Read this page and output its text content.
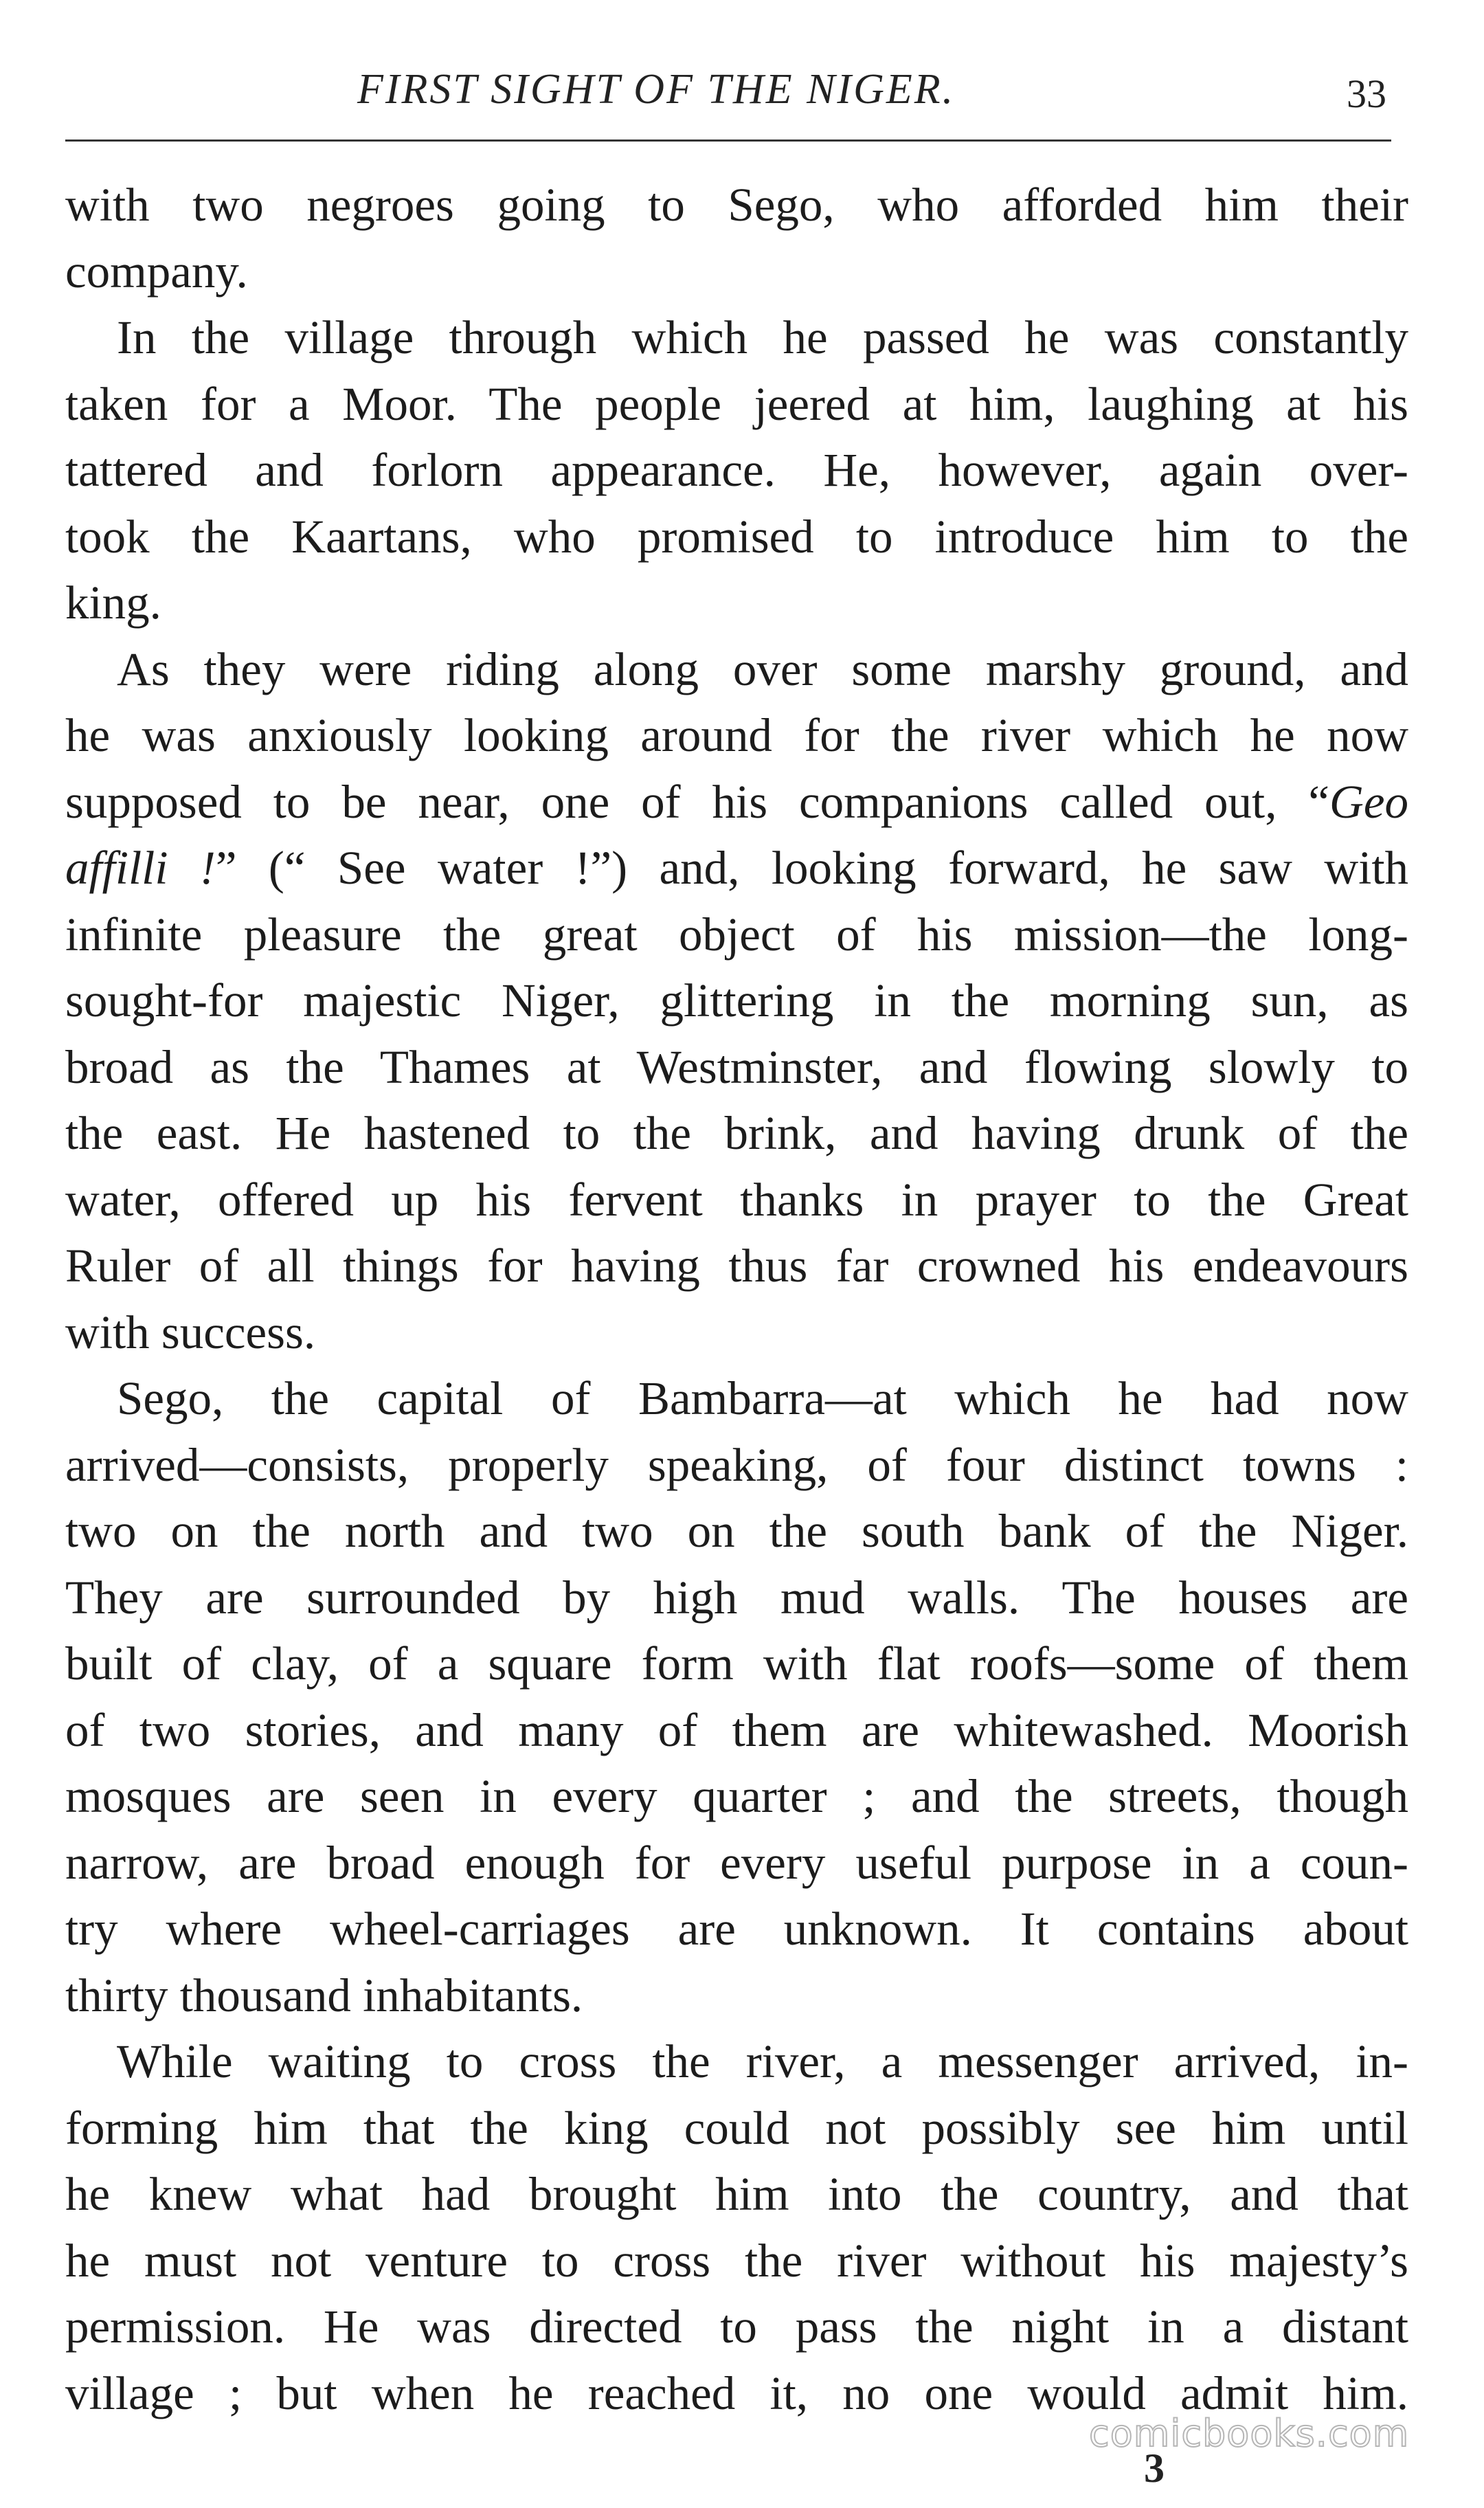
FIRST SIGHT OF THE NIGER.	33
with two negroes going to Sego, who afforded him their
company.
In the village through which he passed he was constantly
taken for a Moor. The people jeered at him, laughing at his
tattered and forlorn appearance. He, however, again over-
took the Kaartans, who promised to introduce him to the
king.
As they were riding along over some marshy ground, and
he was anxiously looking around for the river which he now
supposed to be near, one of his companions called out, “Geo
affilli !” (“ See water !”) and, looking forward, he saw with
infinite pleasure the great object of his mission—the long-
sought-for majestic Niger, glittering in the morning sun, as
broad as the Thames at Westminster, and flowing slowly to
the east. He hastened to the brink, and having drunk of the
water, offered up his fervent thanks in prayer to the Great
Ruler of all things for having thus far crowned his endeavours
with success.
Sego, the capital of Bambarra—at which he had now
arrived—consists, properly speaking, of four distinct towns :
two on the north and two on the south bank of the Niger.
They are surrounded by high mud walls. The houses are
built of clay, of a square form with flat roofs—some of them
of two stories, and many of them are whitewashed. Moorish
mosques are seen in every quarter ; and the streets, though
narrow, are broad enough for every useful purpose in a coun-
try where wheel-carriages are unknown. It contains about
thirty thousand inhabitants.
While waiting to cross the river, a messenger arrived, in-
forming him that the king could not possibly see him until
he knew what had brought him into the country, and that
he must not venture to cross the river without his majesty’s
permission. He was directed to pass the night in a distant
village ; but when he reached it, no one would admit him.
comicbooks.com
3
